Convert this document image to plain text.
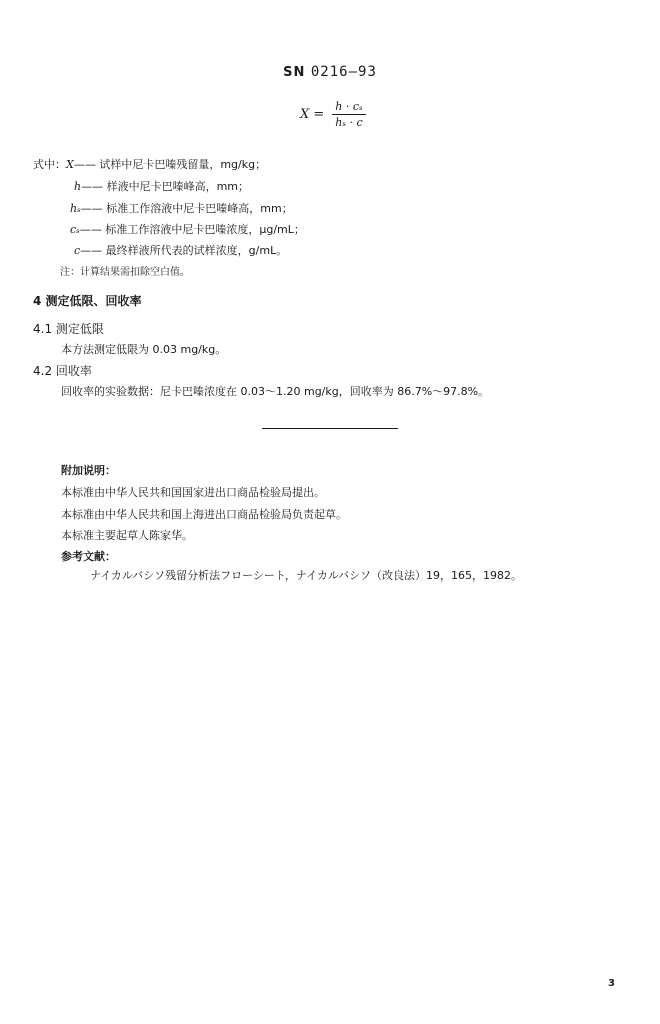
SN 0216—93
X =
h · cₛ
hₛ · c
式中：X—— 试样中尼卡巴嗪残留量，mg/kg；
h—— 样液中尼卡巴嗪峰高，mm；
hₛ—— 标准工作溶液中尼卡巴嗪峰高，mm；
cₛ—— 标准工作溶液中尼卡巴嗪浓度，μg/mL；
c—— 最终样液所代表的试样浓度，g/mL。
注：计算结果需扣除空白值。
4 测定低限、回收率
4.1 测定低限
本方法测定低限为 0.03 mg/kg。
4.2 回收率
回收率的实验数据：尼卡巴嗪浓度在 0.03～1.20 mg/kg，回收率为 86.7%～97.8%。
附加说明：
本标准由中华人民共和国国家进出口商品检验局提出。
本标准由中华人民共和国上海进出口商品检验局负责起草。
本标准主要起草人陈家华。
参考文献：
ナイカルバシソ残留分析法フローシート，ナイカルバシソ（改良法）19，165，1982。
3
